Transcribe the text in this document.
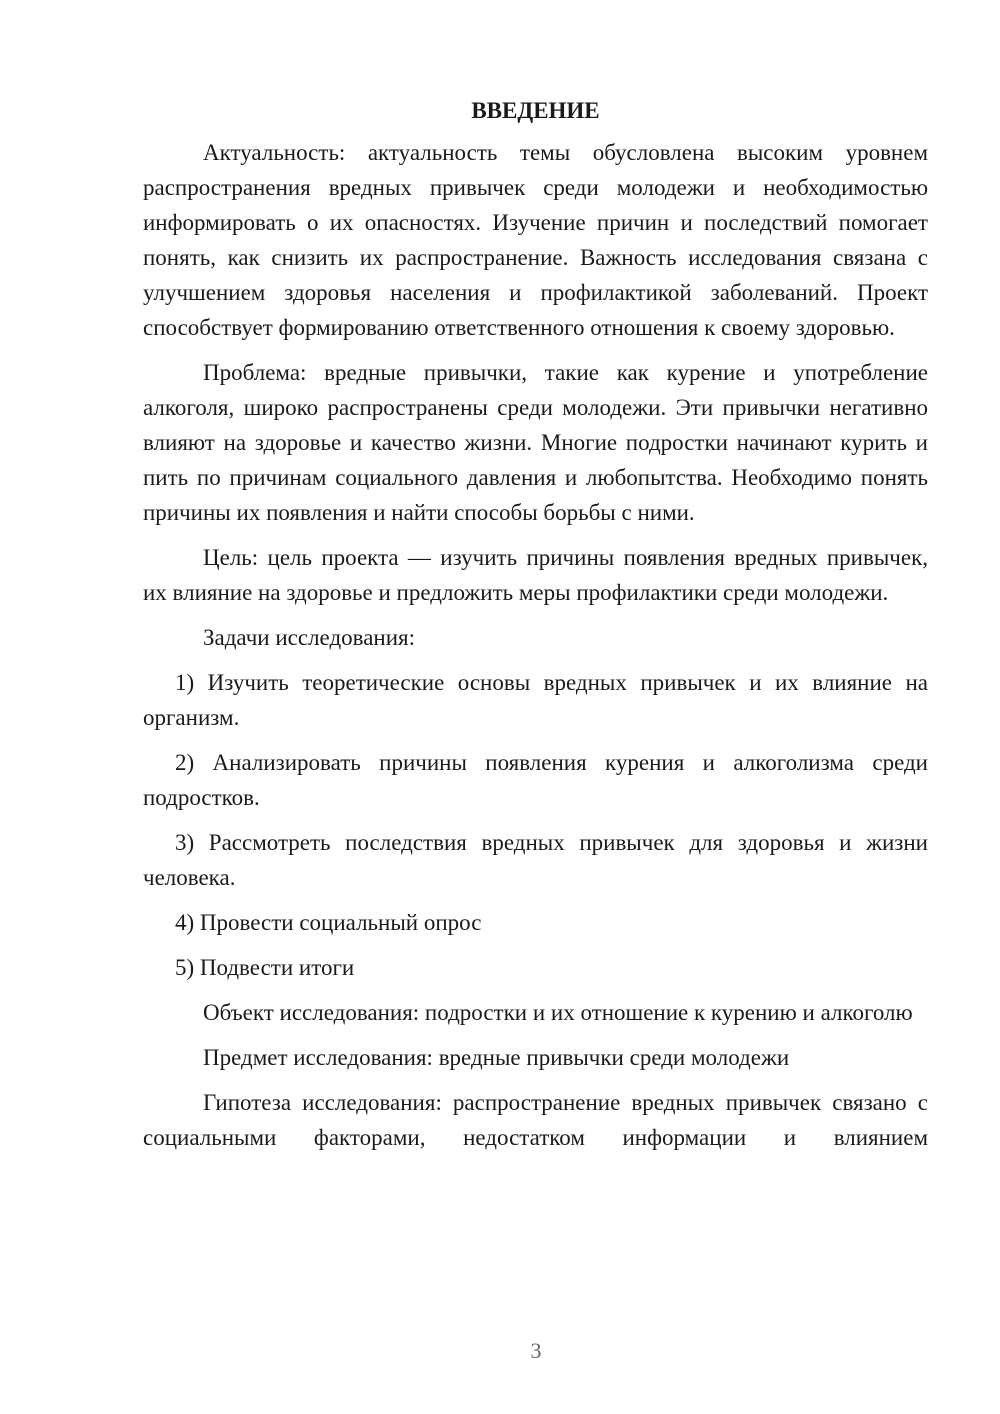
ВВЕДЕНИЕ

Актуальность: актуальность темы обусловлена высоким уровнем распространения вредных привычек среди молодежи и необходимостью информировать о их опасностях. Изучение причин и последствий помогает понять, как снизить их распространение. Важность исследования связана с улучшением здоровья населения и профилактикой заболеваний. Проект способствует формированию ответственного отношения к своему здоровью.

Проблема: вредные привычки, такие как курение и употребление алкоголя, широко распространены среди молодежи. Эти привычки негативно влияют на здоровье и качество жизни. Многие подростки начинают курить и пить по причинам социального давления и любопытства. Необходимо понять причины их появления и найти способы борьбы с ними.

Цель: цель проекта — изучить причины появления вредных привычек, их влияние на здоровье и предложить меры профилактики среди молодежи.

Задачи исследования:

1) Изучить теоретические основы вредных привычек и их влияние на организм.

2) Анализировать причины появления курения и алкоголизма среди подростков.

3) Рассмотреть последствия вредных привычек для здоровья и жизни человека.

4) Провести социальный опрос

5) Подвести итоги

Объект исследования: подростки и их отношение к курению и алкоголю

Предмет исследования: вредные привычки среди молодежи

Гипотеза исследования: распространение вредных привычек связано с социальными факторами, недостатком информации и влиянием

3
